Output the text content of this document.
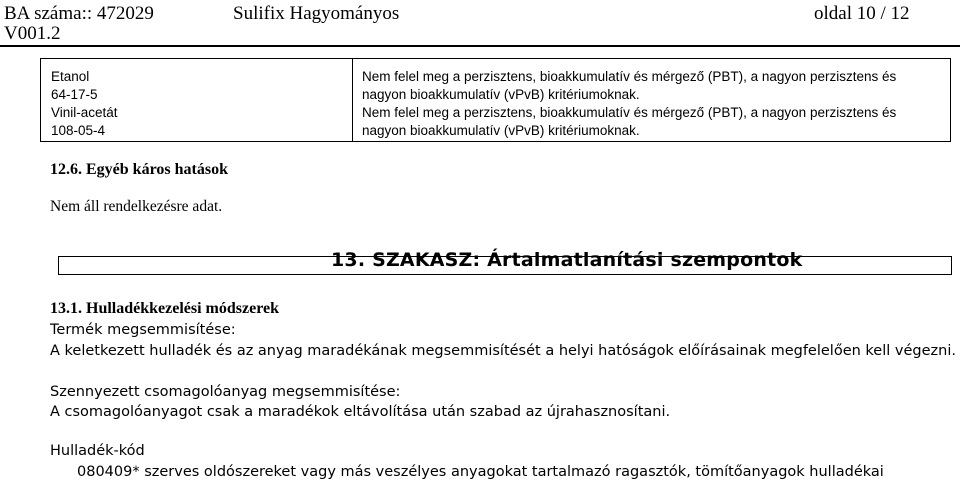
BA száma:: 472029	Sulifix Hagyományos	oldal 10 / 12
V001.2
Etanol
64-17-5
Nem felel meg a perzisztens, bioakkumulatív és mérgező (PBT), a nagyon perzisztens és
nagyon bioakkumulatív (vPvB) kritériumoknak.
Vinil-acetát
108-05-4
Nem felel meg a perzisztens, bioakkumulatív és mérgező (PBT), a nagyon perzisztens és
nagyon bioakkumulatív (vPvB) kritériumoknak.
12.6. Egyéb káros hatások
Nem áll rendelkezésre adat.
13. SZAKASZ: Ártalmatlanítási szempontok
13.1. Hulladékkezelési módszerek
Termék megsemmisítése:
A keletkezett hulladék és az anyag maradékának megsemmisítését a helyi hatóságok előírásainak megfelelően kell végezni.
Szennyezett csomagolóanyag megsemmisítése:
A csomagolóanyagot csak a maradékok eltávolítása után szabad az újrahasznosítani.
Hulladék-kód
080409* szerves oldószereket vagy más veszélyes anyagokat tartalmazó ragasztók, tömítőanyagok hulladékai
